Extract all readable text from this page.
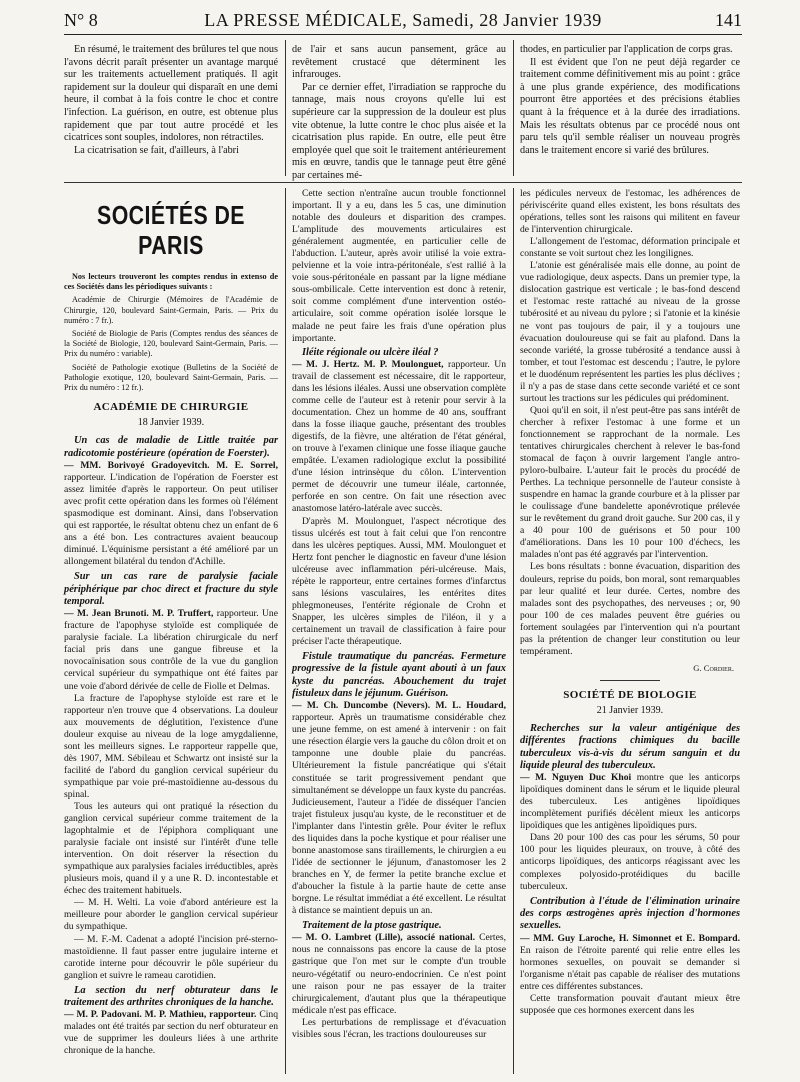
N° 8	LA PRESSE MÉDICALE, Samedi, 28 Janvier 1939	141

En résumé, le traitement des brûlures tel que nous l'avons décrit paraît présenter un avantage marqué sur les traitements actuellement pratiqués. Il agit rapidement sur la douleur qui disparaît en une demi heure, il combat à la fois contre le choc et contre l'infection. La guérison, en outre, est obtenue plus rapidement que par tout autre procédé et les cicatrices sont souples, indolores, non rétractiles.

La cicatrisation se fait, d'ailleurs, à l'abri

de l'air et sans aucun pansement, grâce au revêtement crustacé que déterminent les infrarouges.

Par ce dernier effet, l'irradiation se rapproche du tannage, mais nous croyons qu'elle lui est supérieure car la suppression de la douleur est plus vite obtenue, la lutte contre le choc plus aisée et la cicatrisation plus rapide. En outre, elle peut être employée quel que soit le traitement antérieurement mis en œuvre, tandis que le tannage peut être gêné par certaines mé-

thodes, en particulier par l'application de corps gras.

Il est évident que l'on ne peut déjà regarder ce traitement comme définitivement mis au point : grâce à une plus grande expérience, des modifications pourront être apportées et des précisions établies quant à la fréquence et à la durée des irradiations. Mais les résultats obtenus par ce procédé nous ont paru tels qu'il semble réaliser un nouveau progrès dans le traitement encore si varié des brûlures.

SOCIÉTÉS DE PARIS

Nos lecteurs trouveront les comptes rendus in extenso de ces Sociétés dans les périodiques suivants :

Académie de Chirurgie (Mémoires de l'Académie de Chirurgie, 120, boulevard Saint-Germain, Paris. — Prix du numéro : 7 fr.).

Société de Biologie de Paris (Comptes rendus des séances de la Société de Biologie, 120, boulevard Saint-Germain, Paris. — Prix du numéro : variable).

Société de Pathologie exotique (Bulletins de la Société de Pathologie exotique, 120, boulevard Saint-Germain, Paris. — Prix du numéro : 12 fr.).

ACADÉMIE DE CHIRURGIE
18 Janvier 1939.

Un cas de maladie de Little traitée par radicotomie postérieure (opération de Foerster).

— MM. Borivoyé Gradoyevitch. M. E. Sorrel, rapporteur. L'indication de l'opération de Foerster est assez limitée d'après le rapporteur. On peut utiliser avec profit cette opération dans les formes où l'élément spasmodique est dominant. Ainsi, dans l'observation qui est rapportée, le résultat obtenu chez un enfant de 6 ans a été bon. Les contractures avaient beaucoup diminué. L'équinisme persistant a été amélioré par un allongement bilatéral du tendon d'Achille.

Sur un cas rare de paralysie faciale périphérique par choc direct et fracture du style temporal.

— M. Jean Brunoti. M. P. Truffert, rapporteur. Une fracture de l'apophyse styloïde est compliquée de paralysie faciale. La libération chirurgicale du nerf facial pris dans une gangue fibreuse et la novocaïnisation sous contrôle de la vue du ganglion cervical supérieur du sympathique ont été faites par une voie d'abord dérivée de celle de Fiolle et Delmas.

La fracture de l'apophyse styloïde est rare et le rapporteur n'en trouve que 4 observations. La douleur aux mouvements de déglutition, l'existence d'une douleur exquise au niveau de la loge amygdalienne, sont les meilleurs signes. Le rapporteur rappelle que, dès 1907, MM. Sébileau et Schwartz ont insisté sur la facilité de l'abord du ganglion cervical supérieur du sympathique par voie pré-mastoïdienne au-dessous du spinal.

Tous les auteurs qui ont pratiqué la résection du ganglion cervical supérieur comme traitement de la lagophtalmie et de l'épiphora compliquant une paralysie faciale ont insisté sur l'intérêt d'une telle intervention. On doit réserver la résection du sympathique aux paralysies faciales irréductibles, après plusieurs mois, quand il y a une R. D. incontestable et échec des traitement habituels.

— M. H. Welti. La voie d'abord antérieure est la meilleure pour aborder le ganglion cervical supérieur du sympathique.

— M. F.-M. Cadenat a adopté l'incision pré-sterno-mastoïdienne. Il faut passer entre jugulaire interne et carotide interne pour découvrir le pôle supérieur du ganglion et suivre le rameau carotidien.

La section du nerf obturateur dans le traitement des arthrites chroniques de la hanche.

— M. P. Padovani. M. P. Mathieu, rapporteur. Cinq malades ont été traités par section du nerf obturateur en vue de supprimer les douleurs liées à une arthrite chronique de la hanche.

Cette section n'entraîne aucun trouble fonctionnel important. Il y a eu, dans les 5 cas, une diminution notable des douleurs et disparition des crampes. L'amplitude des mouvements articulaires est généralement augmentée, en particulier celle de l'abduction. L'auteur, après avoir utilisé la voie extra-pelvienne et la voie intra-péritonéale, s'est rallié à la voie sous-péritonéale en passant par la ligne médiane sous-ombilicale. Cette intervention est donc à retenir, soit comme complément d'une intervention ostéo-articulaire, soit comme opération isolée lorsque le malade ne peut faire les frais d'une opération plus importante.

Iléite régionale ou ulcère iléal ?

— M. J. Hertz. M. P. Moulonguet, rapporteur. Un travail de classement est nécessaire, dit le rapporteur, dans les lésions iléales. Aussi une observation complète comme celle de l'auteur est à retenir pour servir à la documentation. Chez un homme de 40 ans, souffrant dans la fosse iliaque gauche, présentant des troubles digestifs, de la fièvre, une altération de l'état général, on trouve à l'examen clinique une fosse iliaque gauche empâtée. L'examen radiologique exclut la possibilité d'une lésion intrinsèque du côlon. L'intervention permet de découvrir une tumeur iléale, cartonnée, perforée en son centre. On fait une résection avec anastomose latéro-latérale avec succès.

D'après M. Moulonguet, l'aspect nécrotique des tissus ulcérés est tout à fait celui que l'on rencontre dans les ulcères peptiques. Aussi, MM. Moulonguet et Hertz font pencher le diagnostic en faveur d'une lésion ulcéreuse avec inflammation péri-ulcéreuse. Mais, répète le rapporteur, entre certaines formes d'infarctus sans lésions vasculaires, les entérites dites phlegmoneuses, l'entérite régionale de Crohn et Snapper, les ulcères simples de l'iléon, il y a certainement un travail de classification à faire pour préciser l'acte thérapeutique.

Fistule traumatique du pancréas. Fermeture progressive de la fistule ayant abouti à un faux kyste du pancréas. Abouchement du trajet fistuleux dans le jéjunum. Guérison.

— M. Ch. Duncombe (Nevers). M. L. Houdard, rapporteur. Après un traumatisme considérable chez une jeune femme, on est amené à intervenir : on fait une résection élargie vers la gauche du côlon droit et on tamponne une double plaie du pancréas. Ultérieurement la fistule pancréatique qui s'était constituée se tarit progressivement pendant que simultanément se développe un faux kyste du pancréas. Judicieusement, l'auteur a l'idée de disséquer l'ancien trajet fistuleux jusqu'au kyste, de le reconstituer et de l'implanter dans l'intestin grêle. Pour éviter le reflux des liquides dans la poche kystique et pour réaliser une bonne anastomose sans tiraillements, le chirurgien a eu l'idée de sectionner le jéjunum, d'anastomoser les 2 branches en Y, de fermer la petite branche exclue et d'aboucher la fistule à la partie haute de cette anse borgne. Le résultat immédiat a été excellent. Le résultat à distance se maintient depuis un an.

Traitement de la ptose gastrique.

— M. O. Lambret (Lille), associé national. Certes, nous ne connaissons pas encore la cause de la ptose gastrique que l'on met sur le compte d'un trouble neuro-végétatif ou neuro-endocrinien. Ce n'est point une raison pour ne pas essayer de la traiter chirurgicalement, d'autant plus que la thérapeutique médicale n'est pas efficace.

Les perturbations de remplissage et d'évacuation visibles sous l'écran, les tractions douloureuses sur

les pédicules nerveux de l'estomac, les adhérences de périviscérite quand elles existent, les bons résultats des opérations, telles sont les raisons qui militent en faveur de l'intervention chirurgicale.

L'allongement de l'estomac, déformation principale et constante se voit surtout chez les longilignes.

L'atonie est généralisée mais elle donne, au point de vue radiologique, deux aspects. Dans un premier type, la dislocation gastrique est verticale ; le bas-fond descend et l'estomac reste rattaché au niveau de la grosse tubérosité et au niveau du pylore ; si l'atonie et la kinésie ne vont pas toujours de pair, il y a toujours une évacuation douloureuse qui se fait au plafond. Dans la seconde variété, la grosse tubérosité a tendance aussi à tomber, et tout l'estomac est descendu ; l'autre, le pylore et le duodénum représentent les parties les plus déclives ; il n'y a pas de stase dans cette seconde variété et ce sont surtout les tractions sur les pédicules qui prédominent.

Quoi qu'il en soit, il n'est peut-être pas sans intérêt de chercher à refixer l'estomac à une forme et un fonctionnement se rapprochant de la normale. Les tentatives chirurgicales cherchent à relever le bas-fond stomacal de façon à ouvrir largement l'angle antro-pyloro-bulbaire. L'auteur fait le procès du procédé de Perthes. La technique personnelle de l'auteur consiste à suspendre en hamac la grande courbure et à la plisser par le coulissage d'une bandelette aponévrotique prélevée sur le revêtement du grand droit gauche. Sur 200 cas, il y a 40 pour 100 de guérisons et 50 pour 100 d'améliorations. Dans les 10 pour 100 d'échecs, les malades n'ont pas été aggravés par l'intervention.

Les bons résultats : bonne évacuation, disparition des douleurs, reprise du poids, bon moral, sont remarquables par leur qualité et leur durée. Certes, nombre des malades sont des psychopathes, des nerveuses ; or, 90 pour 100 de ces malades peuvent être guéries ou fortement soulagées par l'intervention qui n'a pourtant pas la prétention de changer leur constitution ou leur tempérament.

G. Cordier.
SOCIÉTÉ DE BIOLOGIE
21 Janvier 1939.

Recherches sur la valeur antigénique des différentes fractions chimiques du bacille tuberculeux vis-à-vis du sérum sanguin et du liquide pleural des tuberculeux.

— M. Nguyen Duc Khoi montre que les anticorps lipoïdiques dominent dans le sérum et le liquide pleural des tuberculeux. Les antigènes lipoïdiques incomplètement purifiés décèlent mieux les anticorps lipoïdiques que les antigènes lipoïdiques purs.

Dans 20 pour 100 des cas pour les sérums, 50 pour 100 pour les liquides pleuraux, on trouve, à côté des anticorps lipoïdiques, des anticorps réagissant avec les complexes polyosido-protéidiques du bacille tuberculeux.

Contribution à l'étude de l'élimination urinaire des corps œstrogènes après injection d'hormones sexuelles.

— MM. Guy Laroche, H. Simonnet et E. Bompard. En raison de l'étroite parenté qui relie entre elles les hormones sexuelles, on pouvait se demander si l'organisme n'était pas capable de réaliser des mutations entre ces différentes substances.

Cette transformation pouvait d'autant mieux être supposée que ces hormones exercent dans les
